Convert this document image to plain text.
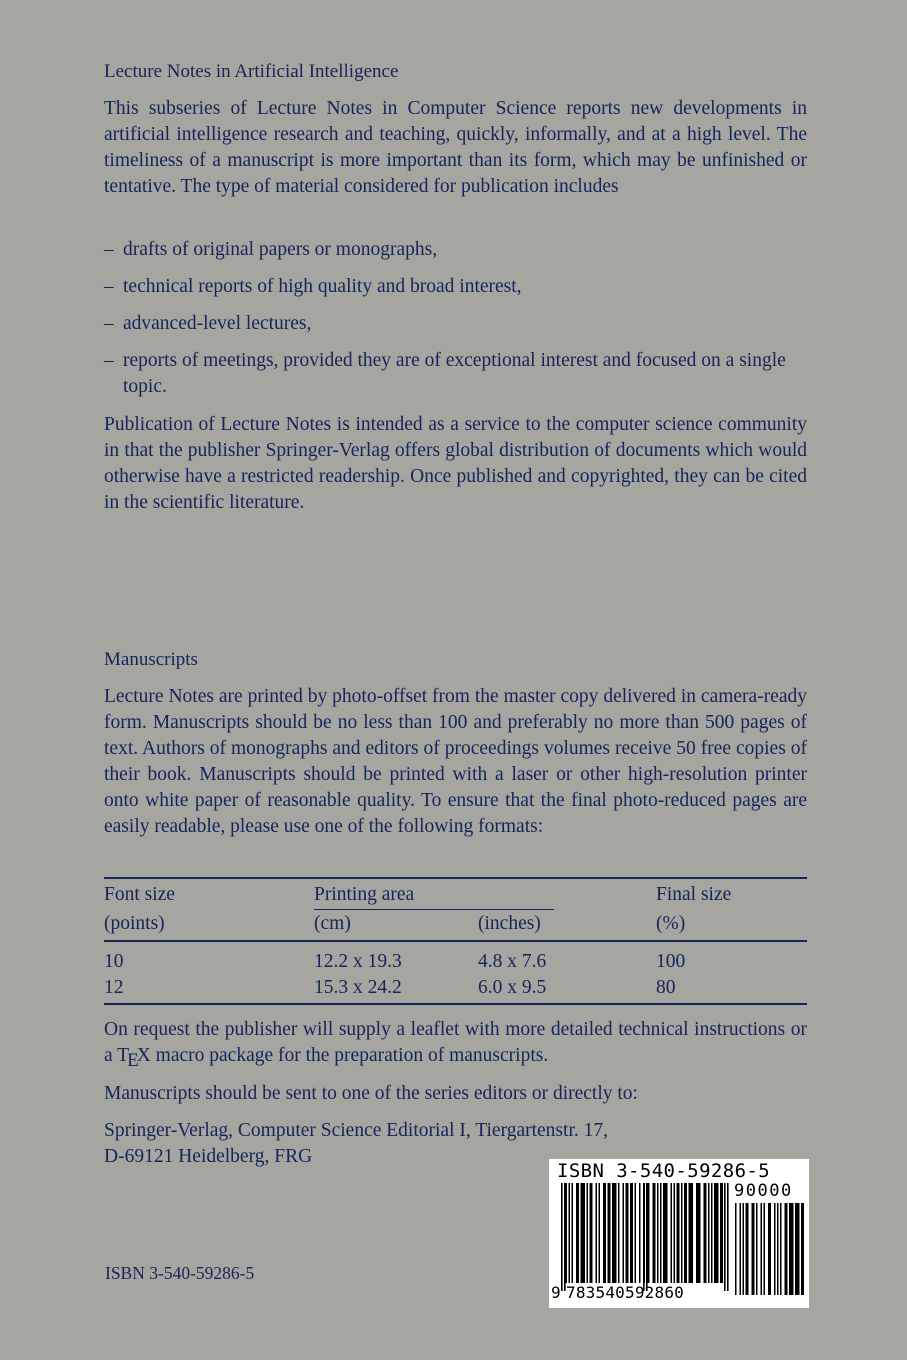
Lecture Notes in Artificial Intelligence

This subseries of Lecture Notes in Computer Science reports new developments in artificial intelligence research and teaching, quickly, informally, and at a high level. The timeliness of a manuscript is more important than its form, which may be unfinished or tentative. The type of material considered for publication includes

– drafts of original papers or monographs,
– technical reports of high quality and broad interest,
– advanced-level lectures,
– reports of meetings, provided they are of exceptional interest and focused on a single topic.

Publication of Lecture Notes is intended as a service to the computer science community in that the publisher Springer-Verlag offers global distribution of documents which would otherwise have a restricted readership. Once published and copyrighted, they can be cited in the scientific literature.

Manuscripts

Lecture Notes are printed by photo-offset from the master copy delivered in camera-ready form. Manuscripts should be no less than 100 and preferably no more than 500 pages of text. Authors of monographs and editors of proceedings volumes receive 50 free copies of their book. Manuscripts should be printed with a laser or other high-resolution printer onto white paper of reasonable quality. To ensure that the final photo-reduced pages are easily readable, please use one of the following formats:

Font size	Printing area	Final size
(points)	(cm)	(inches)	(%)
10	12.2 x 19.3	4.8 x 7.6	100
12	15.3 x 24.2	6.0 x 9.5	80

On request the publisher will supply a leaflet with more detailed technical instructions or a TEX macro package for the preparation of manuscripts.

Manuscripts should be sent to one of the series editors or directly to:

Springer-Verlag, Computer Science Editorial I, Tiergartenstr. 17,

D-69121 Heidelberg, FRG

ISBN 3-540-59286-5
ISBN 3-540-59286-5
90000
9 783540592860
